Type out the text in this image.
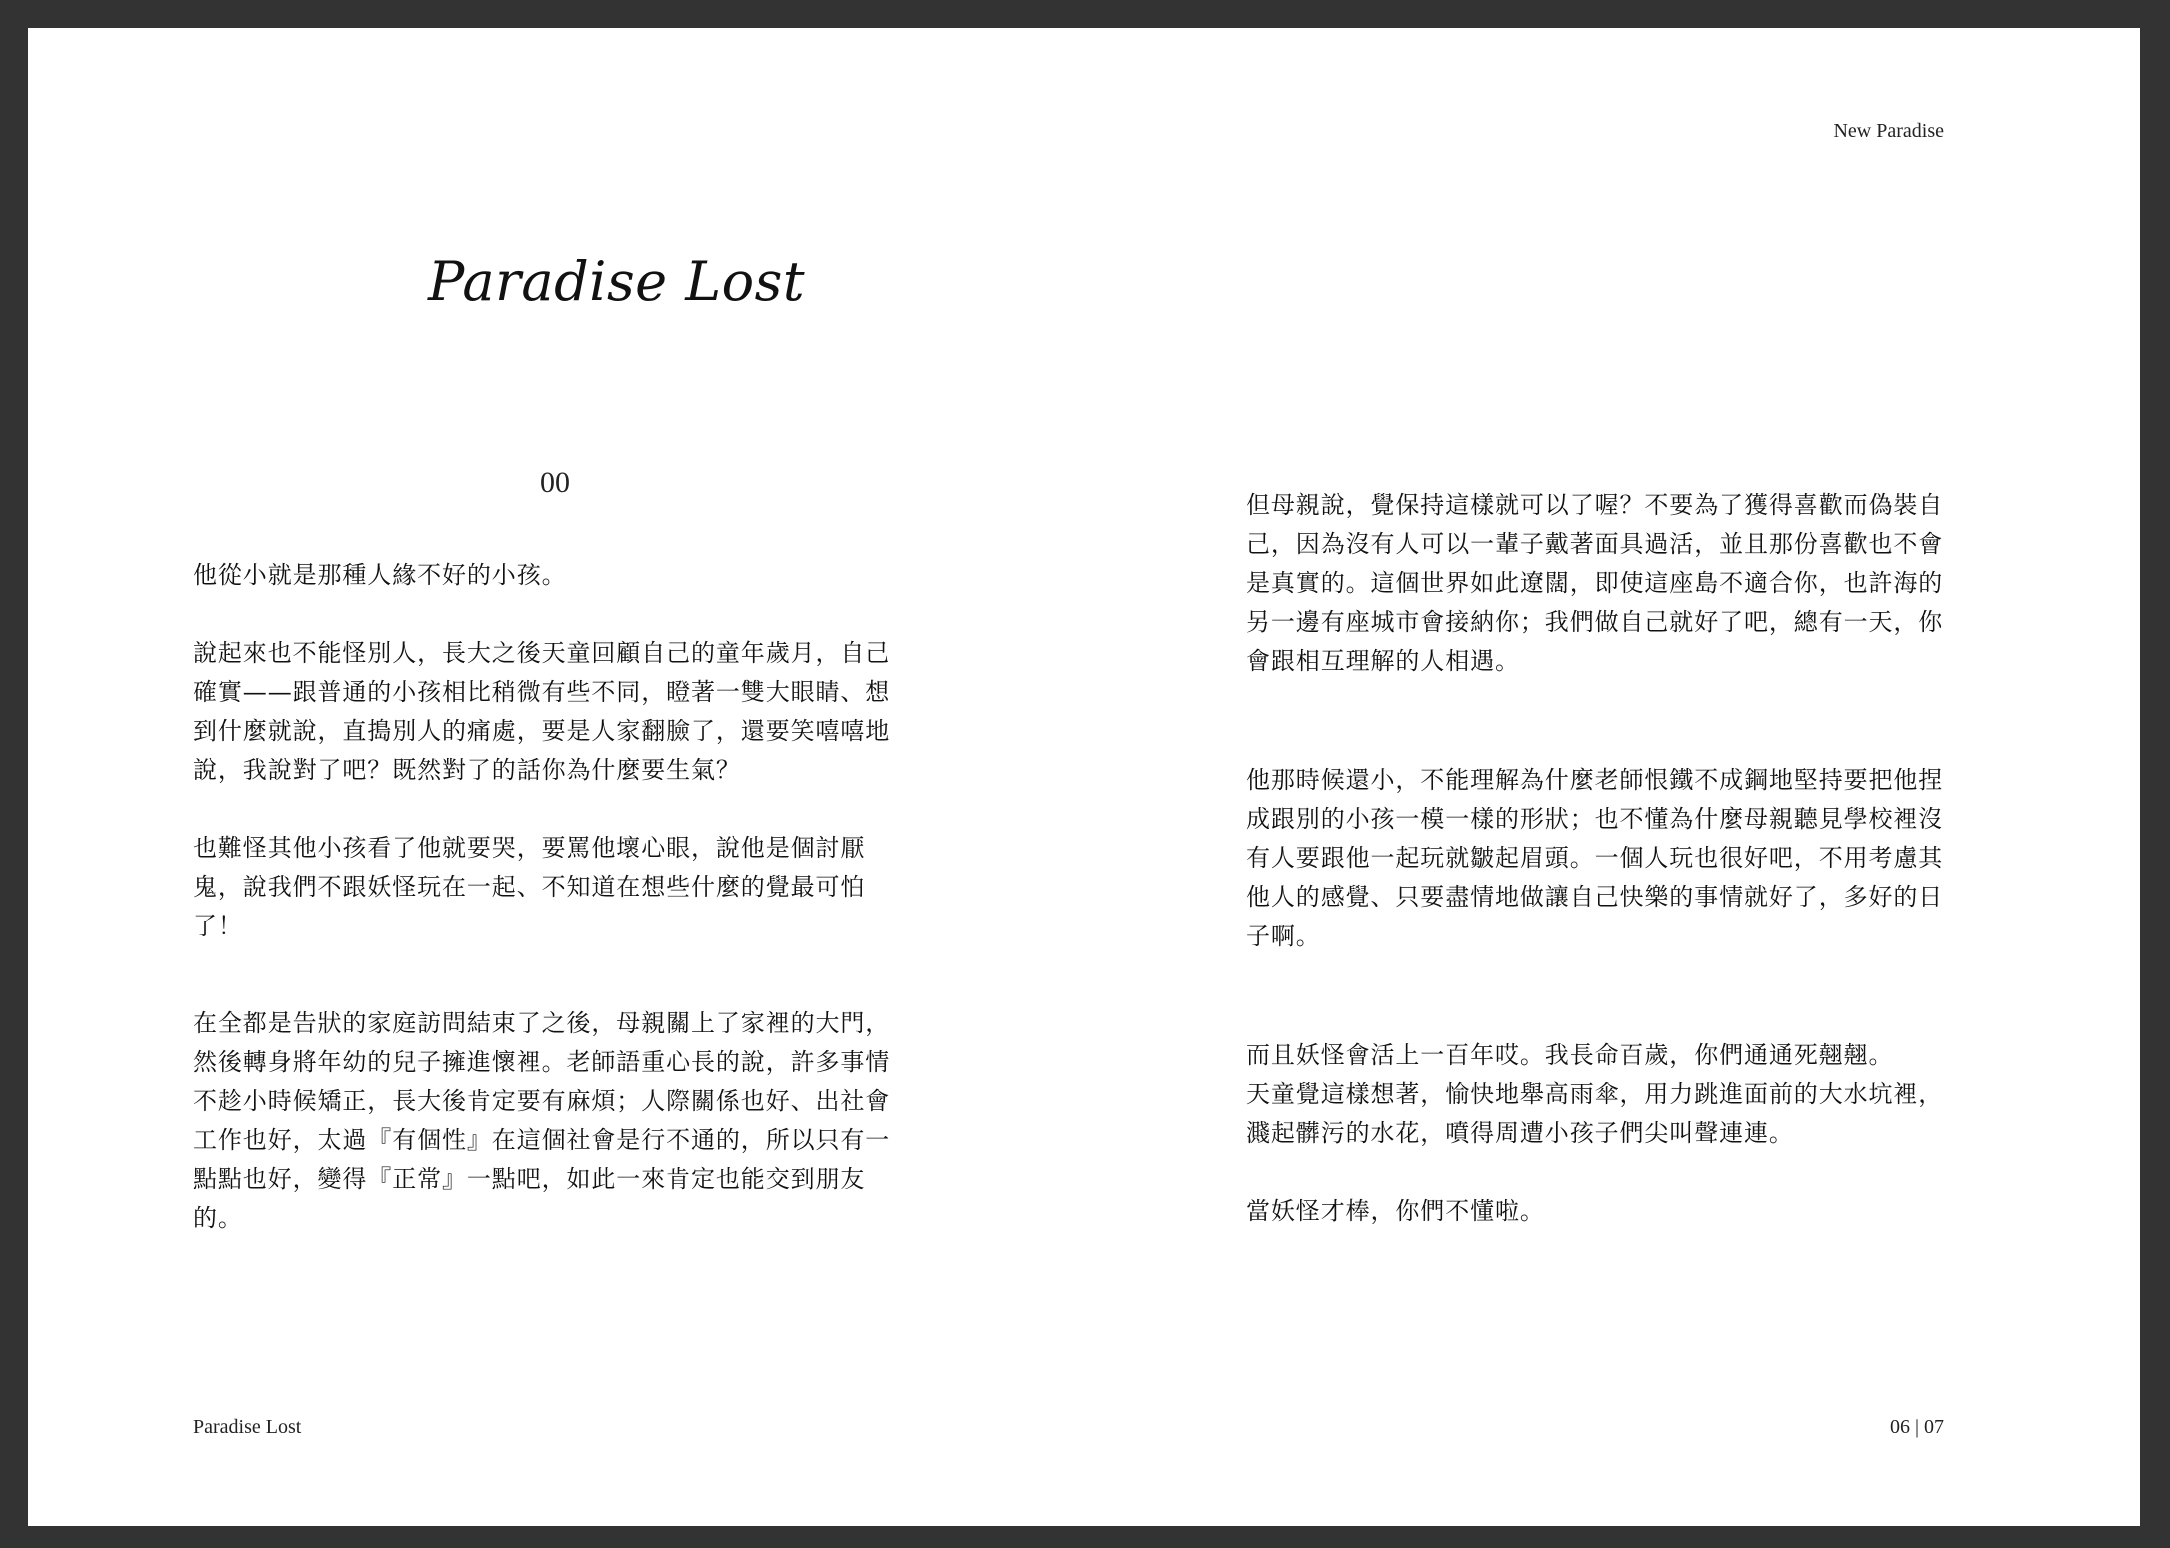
New Paradise
Paradise Lost
00

他從小就是那種人緣不好的小孩。

說起來也不能怪別人，長大之後天童回顧自己的童年歲月，自己
確實——跟普通的小孩相比稍微有些不同，瞪著一雙大眼睛、想
到什麼就說，直搗別人的痛處，要是人家翻臉了，還要笑嘻嘻地
說，我說對了吧？既然對了的話你為什麼要生氣？

也難怪其他小孩看了他就要哭，要罵他壞心眼，說他是個討厭
鬼，說我們不跟妖怪玩在一起、不知道在想些什麼的覺最可怕
了！

在全都是告狀的家庭訪問結束了之後，母親關上了家裡的大門，
然後轉身將年幼的兒子擁進懷裡。老師語重心長的說，許多事情
不趁小時候矯正，長大後肯定要有麻煩；人際關係也好、出社會
工作也好，太過『有個性』在這個社會是行不通的，所以只有一
點點也好，變得『正常』一點吧，如此一來肯定也能交到朋友
的。

但母親說，覺保持這樣就可以了喔？不要為了獲得喜歡而偽裝自
己，因為沒有人可以一輩子戴著面具過活，並且那份喜歡也不會
是真實的。這個世界如此遼闊，即使這座島不適合你，也許海的
另一邊有座城市會接納你；我們做自己就好了吧，總有一天，你
會跟相互理解的人相遇。

他那時候還小，不能理解為什麼老師恨鐵不成鋼地堅持要把他捏
成跟別的小孩一模一樣的形狀；也不懂為什麼母親聽見學校裡沒
有人要跟他一起玩就皺起眉頭。一個人玩也很好吧，不用考慮其
他人的感覺、只要盡情地做讓自己快樂的事情就好了，多好的日
子啊。

而且妖怪會活上一百年哎。我長命百歲，你們通通死翹翹。
天童覺這樣想著，愉快地舉高雨傘，用力跳進面前的大水坑裡，
濺起髒污的水花，噴得周遭小孩子們尖叫聲連連。

當妖怪才棒，你們不懂啦。

Paradise Lost	06 | 07
